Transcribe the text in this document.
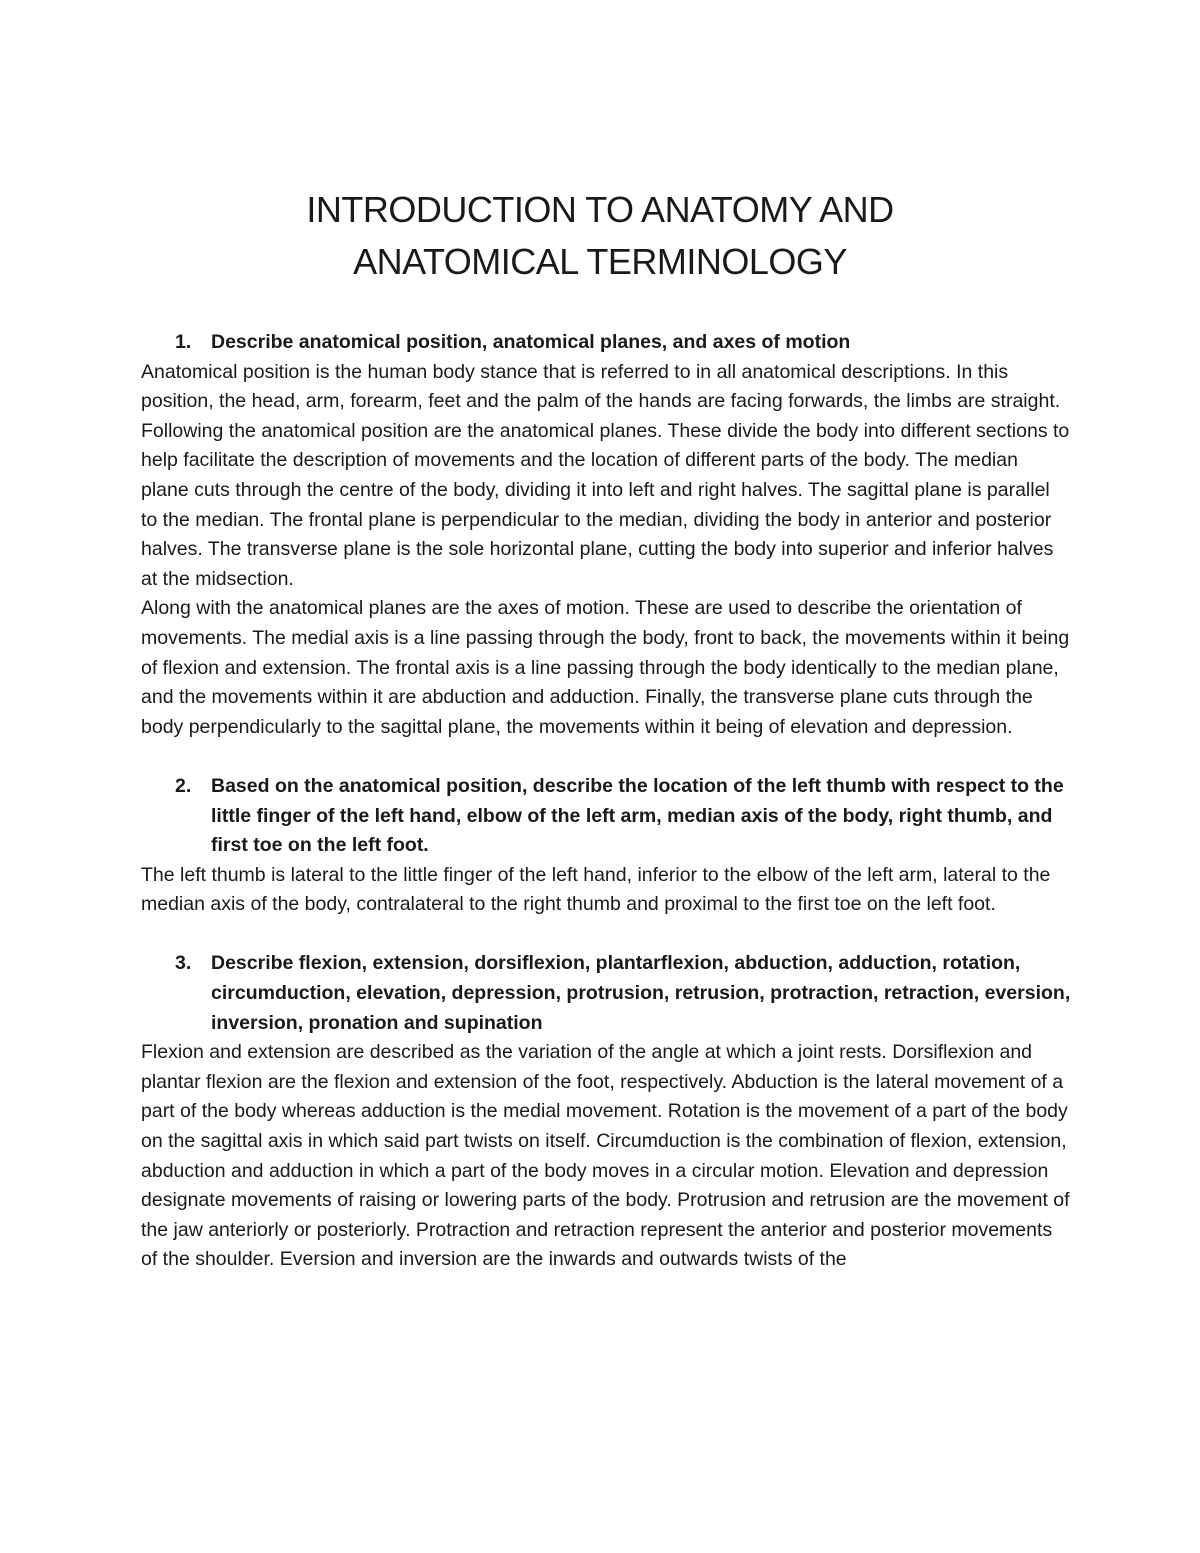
INTRODUCTION TO ANATOMY AND
ANATOMICAL TERMINOLOGY
1. Describe anatomical position, anatomical planes, and axes of motion

Anatomical position is the human body stance that is referred to in all anatomical descriptions. In this position, the head, arm, forearm, feet and the palm of the hands are facing forwards, the limbs are straight.

Following the anatomical position are the anatomical planes. These divide the body into different sections to help facilitate the description of movements and the location of different parts of the body. The median plane cuts through the centre of the body, dividing it into left and right halves. The sagittal plane is parallel to the median. The frontal plane is perpendicular to the median, dividing the body in anterior and posterior halves. The transverse plane is the sole horizontal plane, cutting the body into superior and inferior halves at the midsection.

Along with the anatomical planes are the axes of motion. These are used to describe the orientation of movements. The medial axis is a line passing through the body, front to back, the movements within it being of flexion and extension. The frontal axis is a line passing through the body identically to the median plane, and the movements within it are abduction and adduction. Finally, the transverse plane cuts through the body perpendicularly to the sagittal plane, the movements within it being of elevation and depression.

2. Based on the anatomical position, describe the location of the left thumb with respect to the little finger of the left hand, elbow of the left arm, median axis of the body, right thumb, and first toe on the left foot.

The left thumb is lateral to the little finger of the left hand, inferior to the elbow of the left arm, lateral to the median axis of the body, contralateral to the right thumb and proximal to the first toe on the left foot.

3. Describe flexion, extension, dorsiflexion, plantarflexion, abduction, adduction, rotation, circumduction, elevation, depression, protrusion, retrusion, protraction, retraction, eversion, inversion, pronation and supination

Flexion and extension are described as the variation of the angle at which a joint rests. Dorsiflexion and plantar flexion are the flexion and extension of the foot, respectively. Abduction is the lateral movement of a part of the body whereas adduction is the medial movement. Rotation is the movement of a part of the body on the sagittal axis in which said part twists on itself. Circumduction is the combination of flexion, extension, abduction and adduction in which a part of the body moves in a circular motion. Elevation and depression designate movements of raising or lowering parts of the body. Protrusion and retrusion are the movement of the jaw anteriorly or posteriorly. Protraction and retraction represent the anterior and posterior movements of the shoulder. Eversion and inversion are the inwards and outwards twists of the
